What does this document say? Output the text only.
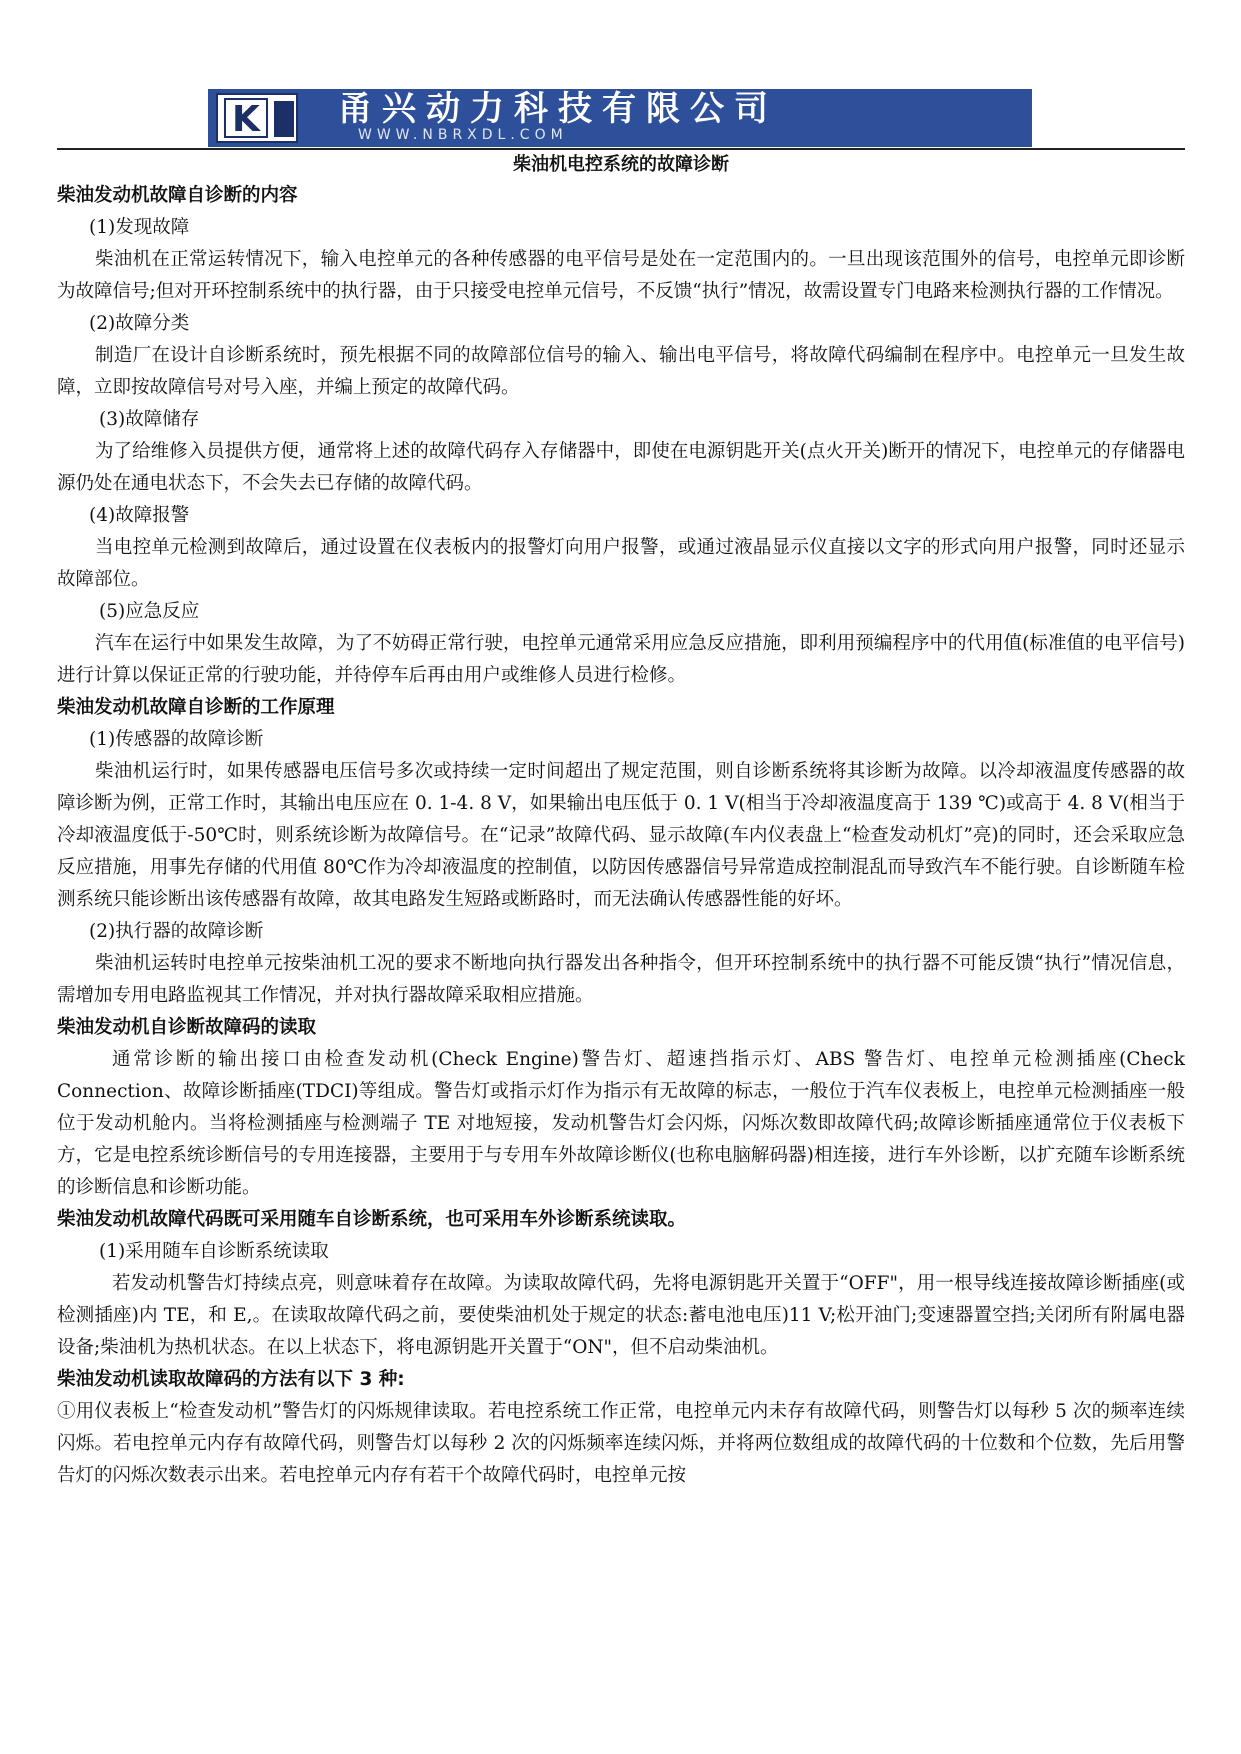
K 甬兴动力科技有限公司
WWW.NBRXDL.COM

柴油机电控系统的故障诊断

柴油发动机故障自诊断的内容

(1)发现故障

柴油机在正常运转情况下，输入电控单元的各种传感器的电平信号是处在一定范围内的。一旦出现该范围外的信号，电控单元即诊断为故障信号;但对开环控制系统中的执行器，由于只接受电控单元信号，不反馈“执行”情况，故需设置专门电路来检测执行器的工作情况。

(2)故障分类

制造厂在设计自诊断系统时，预先根据不同的故障部位信号的输入、输出电平信号，将故障代码编制在程序中。电控单元一旦发生故障，立即按故障信号对号入座，并编上预定的故障代码。

(3)故障储存

为了给维修入员提供方便，通常将上述的故障代码存入存储器中，即使在电源钥匙开关(点火开关)断开的情况下，电控单元的存储器电源仍处在通电状态下，不会失去已存储的故障代码。

(4)故障报警

当电控单元检测到故障后，通过设置在仪表板内的报警灯向用户报警，或通过液晶显示仪直接以文字的形式向用户报警，同时还显示故障部位。

(5)应急反应

汽车在运行中如果发生故障，为了不妨碍正常行驶，电控单元通常采用应急反应措施，即利用预编程序中的代用值(标准值的电平信号)进行计算以保证正常的行驶功能，并待停车后再由用户或维修人员进行检修。

柴油发动机故障自诊断的工作原理

(1)传感器的故障诊断

柴油机运行时，如果传感器电压信号多次或持续一定时间超出了规定范围，则自诊断系统将其诊断为故障。以冷却液温度传感器的故障诊断为例，正常工作时，其输出电压应在 0. 1-4. 8 V，如果输出电压低于 0. 1 V(相当于冷却液温度高于 139 ℃)或高于 4. 8 V(相当于冷却液温度低于-50℃时，则系统诊断为故障信号。在“记录”故障代码、显示故障(车内仪表盘上“检查发动机灯”亮)的同时，还会采取应急反应措施，用事先存储的代用值 80℃作为冷却液温度的控制值，以防因传感器信号异常造成控制混乱而导致汽车不能行驶。自诊断随车检测系统只能诊断出该传感器有故障，故其电路发生短路或断路时，而无法确认传感器性能的好坏。

(2)执行器的故障诊断

柴油机运转时电控单元按柴油机工况的要求不断地向执行器发出各种指令，但开环控制系统中的执行器不可能反馈“执行”情况信息，需增加专用电路监视其工作情况，并对执行器故障采取相应措施。

柴油发动机自诊断故障码的读取

通常诊断的输出接口由检查发动机(Check Engine)警告灯、超速挡指示灯、ABS 警告灯、电控单元检测插座(Check Connection、故障诊断插座(TDCI)等组成。警告灯或指示灯作为指示有无故障的标志，一般位于汽车仪表板上，电控单元检测插座一般位于发动机舱内。当将检测插座与检测端子 TE 对地短接，发动机警告灯会闪烁，闪烁次数即故障代码;故障诊断插座通常位于仪表板下方，它是电控系统诊断信号的专用连接器，主要用于与专用车外故障诊断仪(也称电脑解码器)相连接，进行车外诊断，以扩充随车诊断系统的诊断信息和诊断功能。

柴油发动机故障代码既可采用随车自诊断系统，也可采用车外诊断系统读取。

(1)采用随车自诊断系统读取

若发动机警告灯持续点亮，则意味着存在故障。为读取故障代码，先将电源钥匙开关置于“OFF"，用一根导线连接故障诊断插座(或检测插座)内 TE，和 E,。在读取故障代码之前，要使柴油机处于规定的状态:蓄电池电压)11 V;松开油门;变速器置空挡;关闭所有附属电器设备;柴油机为热机状态。在以上状态下，将电源钥匙开关置于“ON"，但不启动柴油机。

柴油发动机读取故障码的方法有以下 3 种:

①用仪表板上“检查发动机”警告灯的闪烁规律读取。若电控系统工作正常，电控单元内未存有故障代码，则警告灯以每秒 5 次的频率连续闪烁。若电控单元内存有故障代码，则警告灯以每秒 2 次的闪烁频率连续闪烁，并将两位数组成的故障代码的十位数和个位数，先后用警告灯的闪烁次数表示出来。若电控单元内存有若干个故障代码时，电控单元按
